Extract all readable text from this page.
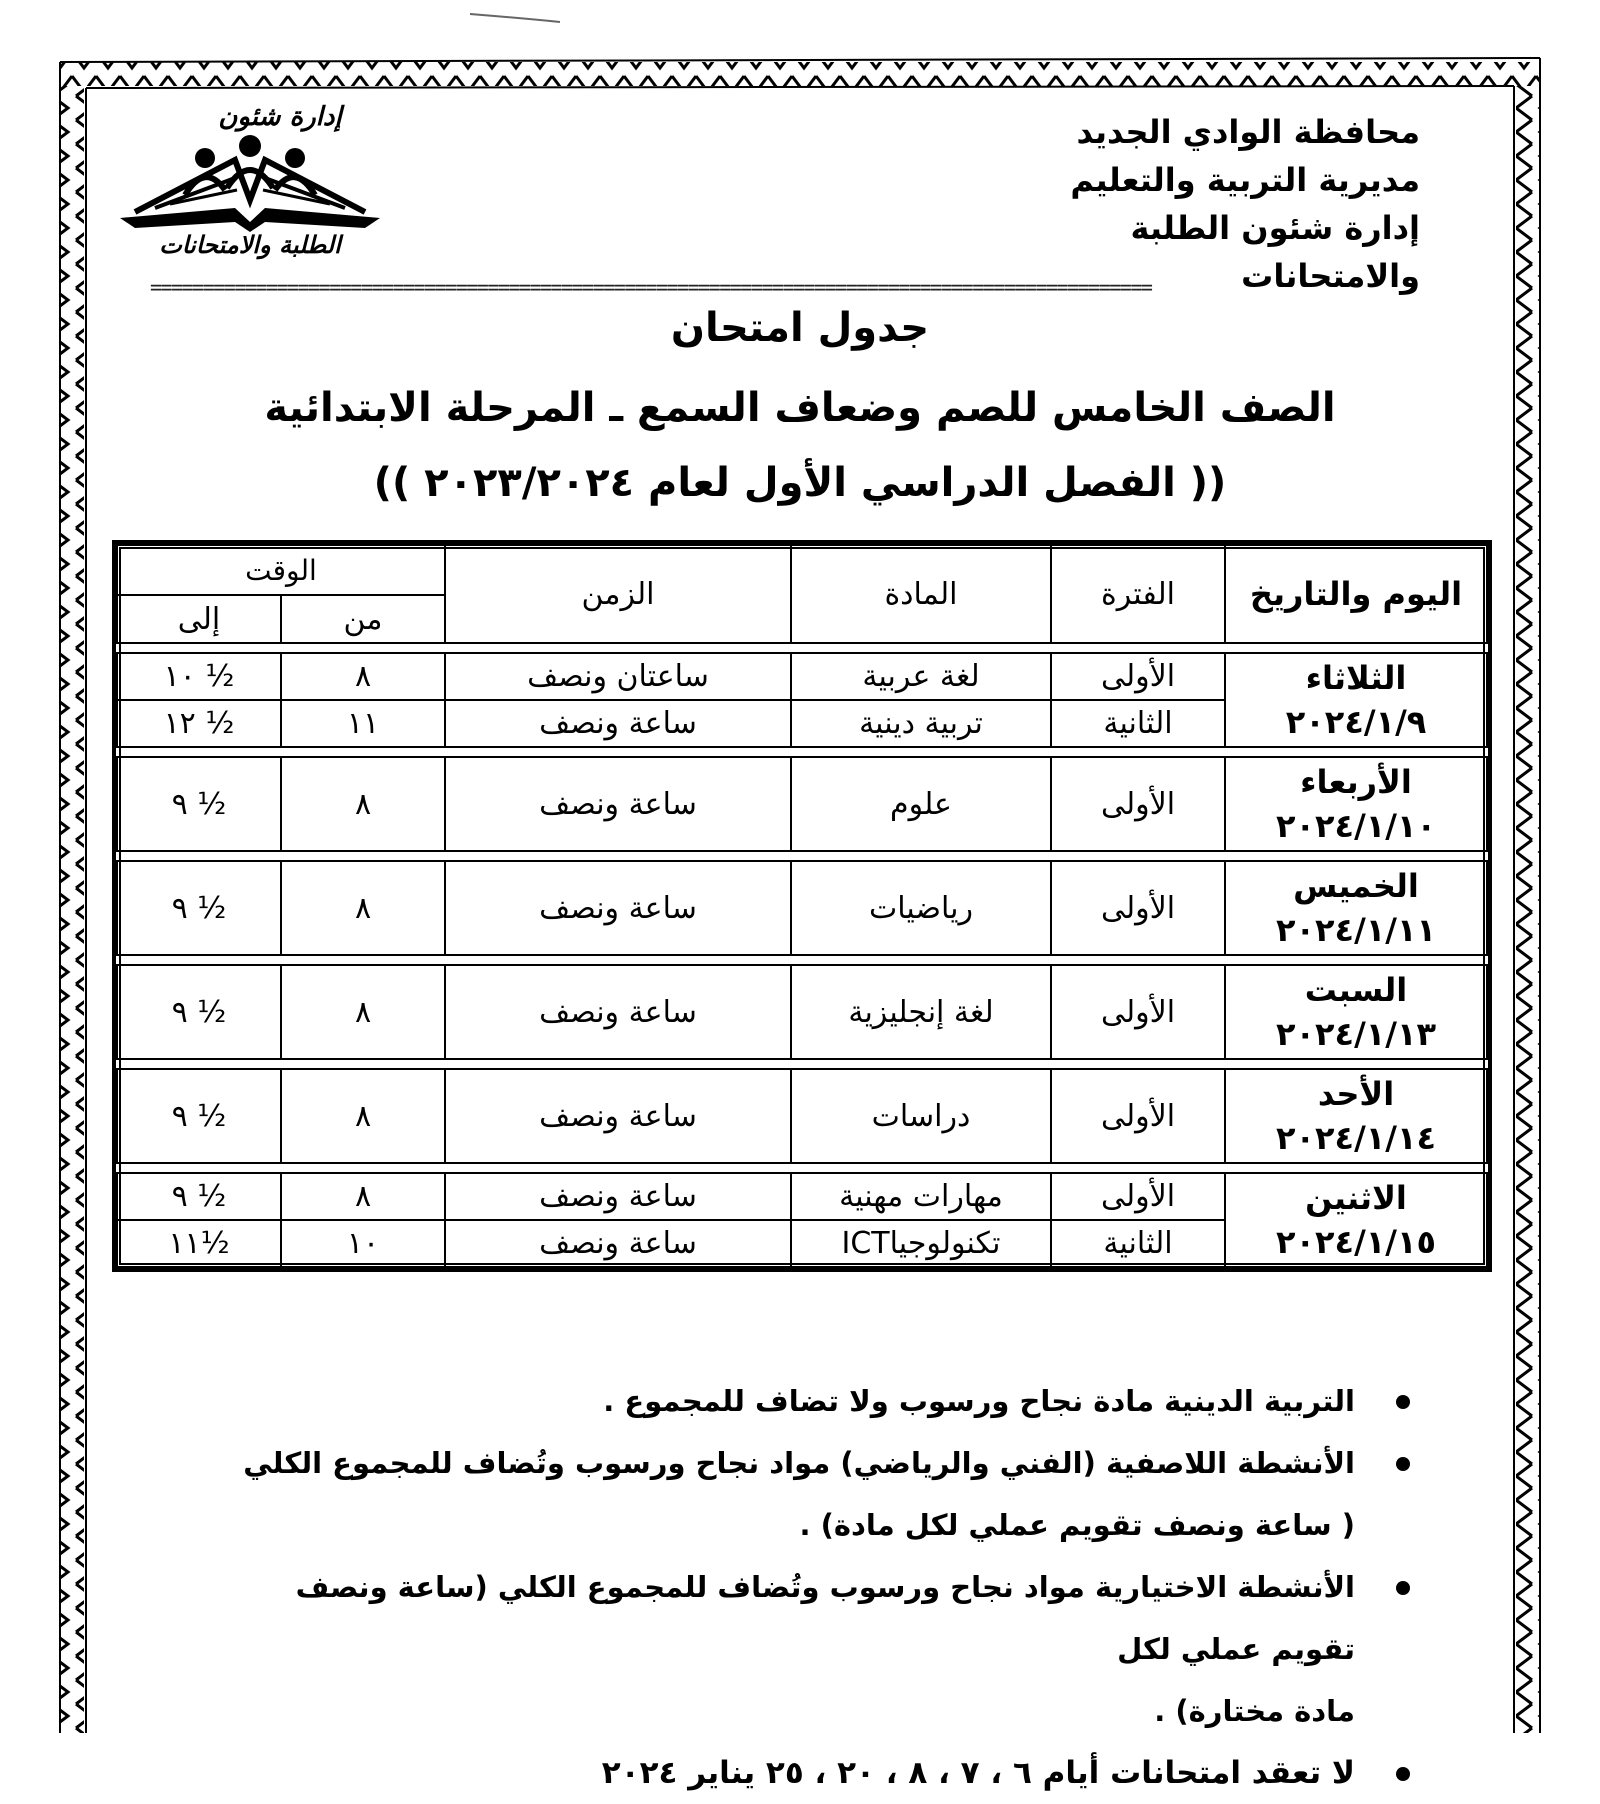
محافظة الوادي الجديد
مديرية التربية والتعليم
إدارة شئون الطلبة والامتحانات
إدارة شئون
الطلبة والامتحانات
===============================================================================================
جدول امتحان
الصف الخامس للصم وضعاف السمع ـ المرحلة الابتدائية
(( الفصل الدراسي الأول لعام ٢٠٢٣/٢٠٢٤ ))
اليوم والتاريخ	الفترة	المادة	الزمن	الوقت	
				من	إلى

الثلاثاء
٢٠٢٤/١/٩	الأولى	لغة عربية	ساعتان ونصف	٨	١٠ ½
	الثانية	تربية دينية	ساعة ونصف	١١	١٢ ½

الأربعاء
٢٠٢٤/١/١٠	الأولى	علوم	ساعة ونصف	٨	٩ ½

الخميس
٢٠٢٤/١/١١	الأولى	رياضيات	ساعة ونصف	٨	٩ ½

السبت
٢٠٢٤/١/١٣	الأولى	لغة إنجليزية	ساعة ونصف	٨	٩ ½

الأحد
٢٠٢٤/١/١٤	الأولى	دراسات	ساعة ونصف	٨	٩ ½

الاثنين
٢٠٢٤/١/١٥	الأولى	مهارات مهنية	ساعة ونصف	٨	٩ ½
	الثانية	تكنولوجياICT	ساعة ونصف	١٠	١١½
التربية الدينية مادة نجاح ورسوب ولا تضاف للمجموع .
الأنشطة اللاصفية (الفني والرياضي) مواد نجاح ورسوب وتُضاف للمجموع الكلي
( ساعة ونصف تقويم عملي لكل مادة) .
الأنشطة الاختيارية مواد نجاح ورسوب وتُضاف للمجموع الكلي (ساعة ونصف تقويم عملي لكل
مادة مختارة) .
لا تعقد امتحانات أيام ٦ ، ٧ ، ٨ ، ٢٠ ، ٢٥ يناير ٢٠٢٤
